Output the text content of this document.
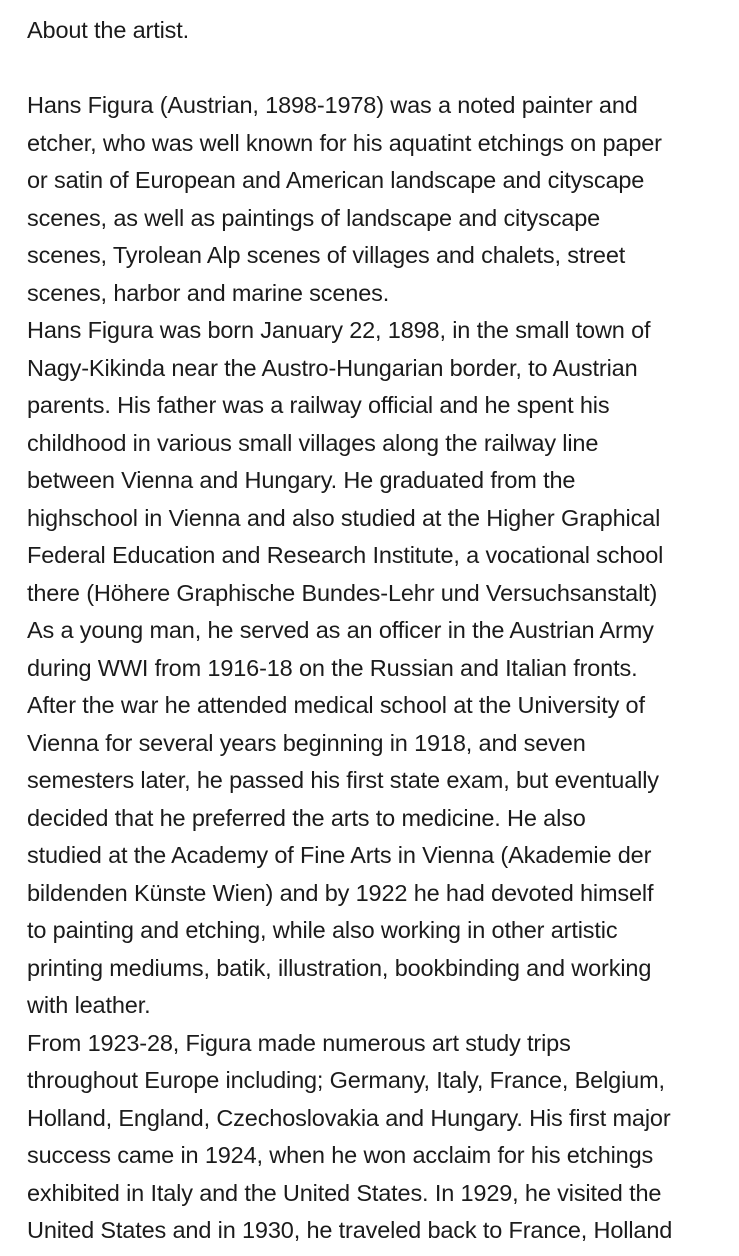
About the artist.

Hans Figura (Austrian, 1898-1978) was a noted painter and
etcher, who was well known for his aquatint etchings on paper
or satin of European and American landscape and cityscape
scenes, as well as paintings of landscape and cityscape
scenes, Tyrolean Alp scenes of villages and chalets, street
scenes, harbor and marine scenes.

Hans Figura was born January 22, 1898, in the small town of
Nagy-Kikinda near the Austro-Hungarian border, to Austrian
parents. His father was a railway official and he spent his
childhood in various small villages along the railway line
between Vienna and Hungary. He graduated from the
highschool in Vienna and also studied at the Higher Graphical
Federal Education and Research Institute, a vocational school
there (Höhere Graphische Bundes-Lehr und Versuchsanstalt)

As a young man, he served as an officer in the Austrian Army
during WWI from 1916-18 on the Russian and Italian fronts.
After the war he attended medical school at the University of
Vienna for several years beginning in 1918, and seven
semesters later, he passed his first state exam, but eventually
decided that he preferred the arts to medicine. He also
studied at the Academy of Fine Arts in Vienna (Akademie der
bildenden Künste Wien) and by 1922 he had devoted himself
to painting and etching, while also working in other artistic
printing mediums, batik, illustration, bookbinding and working
with leather.

From 1923-28, Figura made numerous art study trips
throughout Europe including; Germany, Italy, France, Belgium,
Holland, England, Czechoslovakia and Hungary. His first major
success came in 1924, when he won acclaim for his etchings
exhibited in Italy and the United States. In 1929, he visited the
United States and in 1930, he traveled back to France, Holland
